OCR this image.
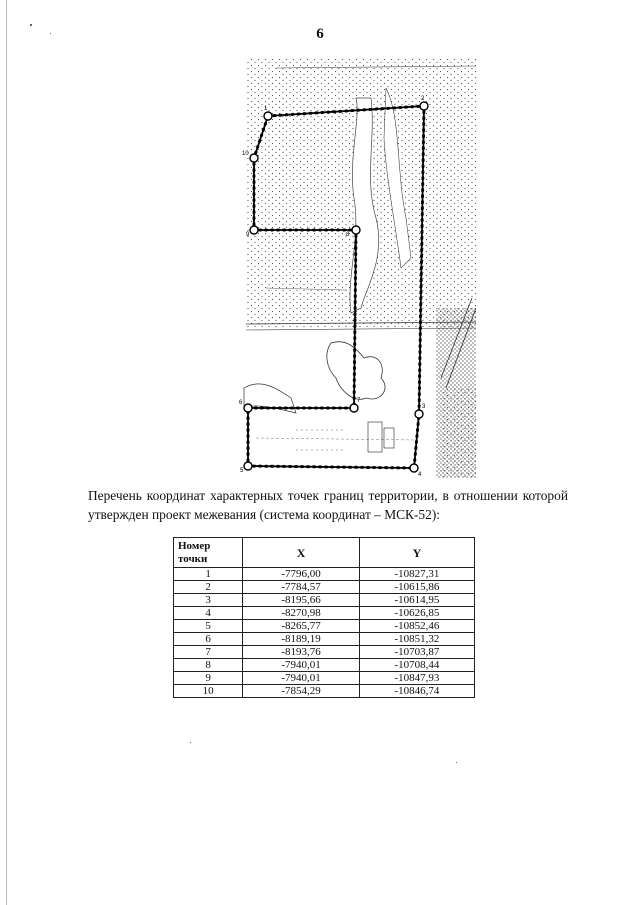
6
1
2
3
4
5
6	7
8
9
10
Перечень координат характерных точек границ территории, в отношении которой утвержден проект межевания (система координат – МСК-52):
Номер
точки	X	Y
1	-7796,00	-10827,31
2	-7784,57	-10615,86
3	-8195,66	-10614,95
4	-8270,98	-10626,85
5	-8265,77	-10852,46
6	-8189,19	-10851,32
7	-8193,76	-10703,87
8	-7940,01	-10708,44
9	-7940,01	-10847,93
10	-7854,29	-10846,74
